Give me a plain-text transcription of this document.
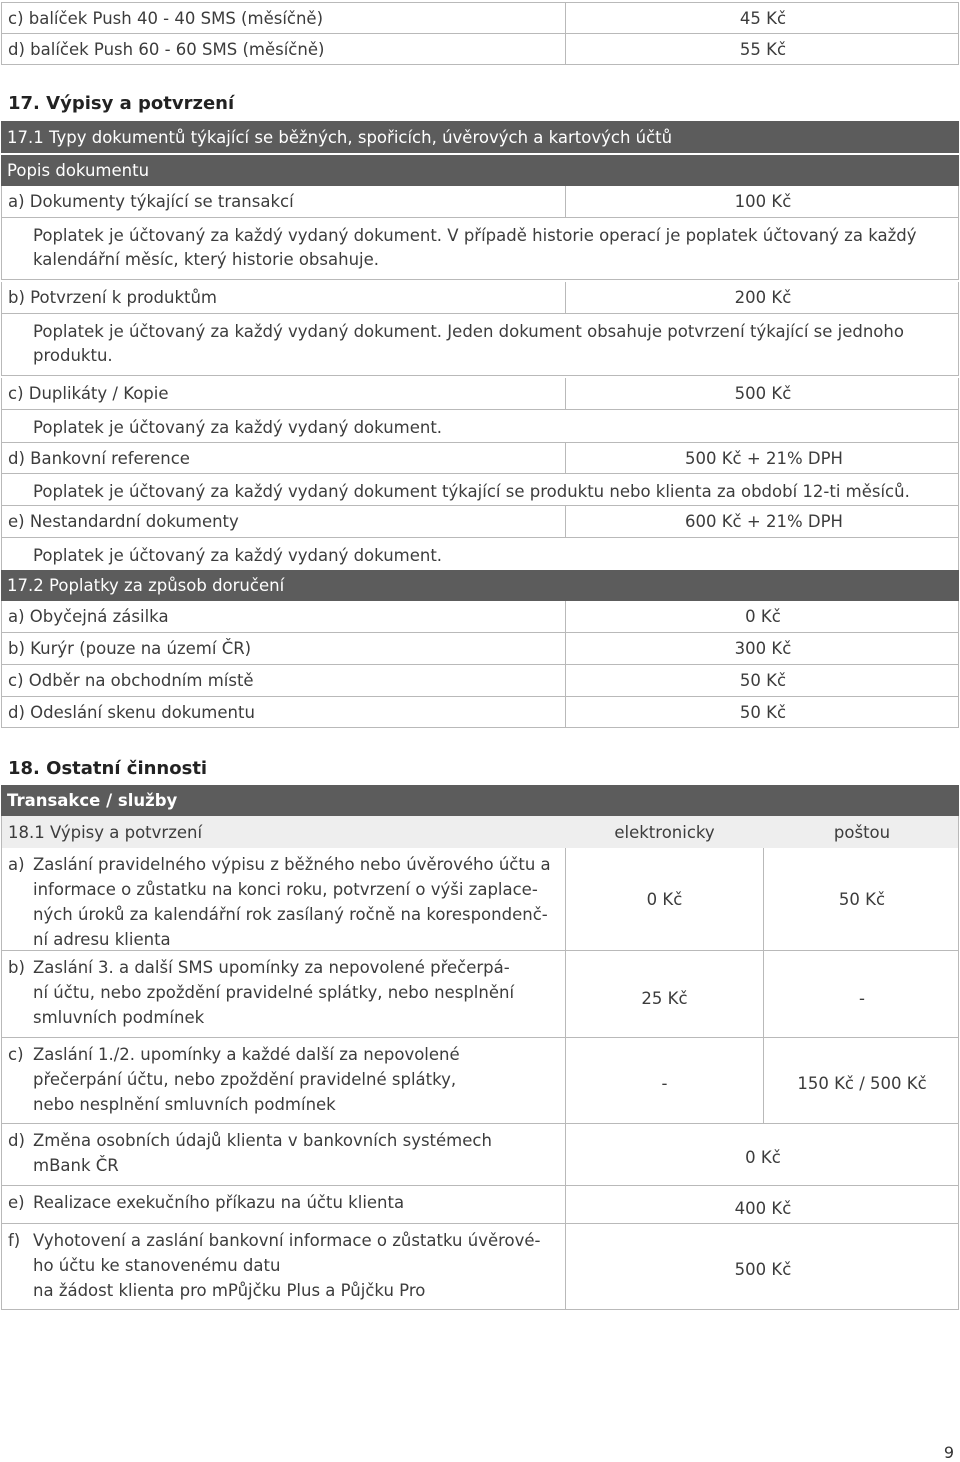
c) balíček Push 40 - 40 SMS (měsíčně)	45 Kč
d) balíček Push 60 - 60 SMS (měsíčně)	55 Kč
17. Výpisy a potvrzení
17.1 Typy dokumentů týkající se běžných, spořicích, úvěrových a kartových účtů
Popis dokumentu
a) Dokumenty týkající se transakcí	100 Kč
Poplatek je účtovaný za každý vydaný dokument. V případě historie operací je poplatek účtovaný za každý kalendářní měsíc, který historie obsahuje.
b) Potvrzení k produktům	200 Kč
Poplatek je účtovaný za každý vydaný dokument. Jeden dokument obsahuje potvrzení týkající se jednoho produktu.
c) Duplikáty / Kopie	500 Kč
Poplatek je účtovaný za každý vydaný dokument.
d) Bankovní reference	500 Kč + 21% DPH
Poplatek je účtovaný za každý vydaný dokument týkající se produktu nebo klienta za období 12-ti měsíců.
e) Nestandardní dokumenty	600 Kč + 21% DPH
Poplatek je účtovaný za každý vydaný dokument.
17.2 Poplatky za způsob doručení
a) Obyčejná zásilka	0 Kč
b) Kurýr (pouze na území ČR)	300 Kč
c) Odběr na obchodním místě	50 Kč
d) Odeslání skenu dokumentu	50 Kč
18. Ostatní činnosti
Transakce / služby
18.1 Výpisy a potvrzení	elektronicky	poštou
a) Zaslání pravidelného výpisu z běžného nebo úvěrového účtu a
informace o zůstatku na konci roku, potvrzení o výši zaplace-
ných úroků za kalendářní rok zasílaný ročně na korespondenč-
ní adresu klienta
0 Kč	50 Kč
b) Zaslání 3. a další SMS upomínky za nepovolené přečerpá-
ní účtu, nebo zpoždění pravidelné splátky, nebo nesplnění
smluvních podmínek
25 Kč	-
c) Zaslání 1./2. upomínky a každé další za nepovolené
přečerpání účtu, nebo zpoždění pravidelné splátky,
nebo nesplnění smluvních podmínek
-	150 Kč / 500 Kč
d) Změna osobních údajů klienta v bankovních systémech
mBank ČR	0 Kč
e) Realizace exekučního příkazu na účtu klienta	400 Kč
f) Vyhotovení a zaslání bankovní informace o zůstatku úvěrové-
ho účtu ke stanovenému datu
na žádost klienta pro mPůjčku Plus a Půjčku Pro
500 Kč
9
